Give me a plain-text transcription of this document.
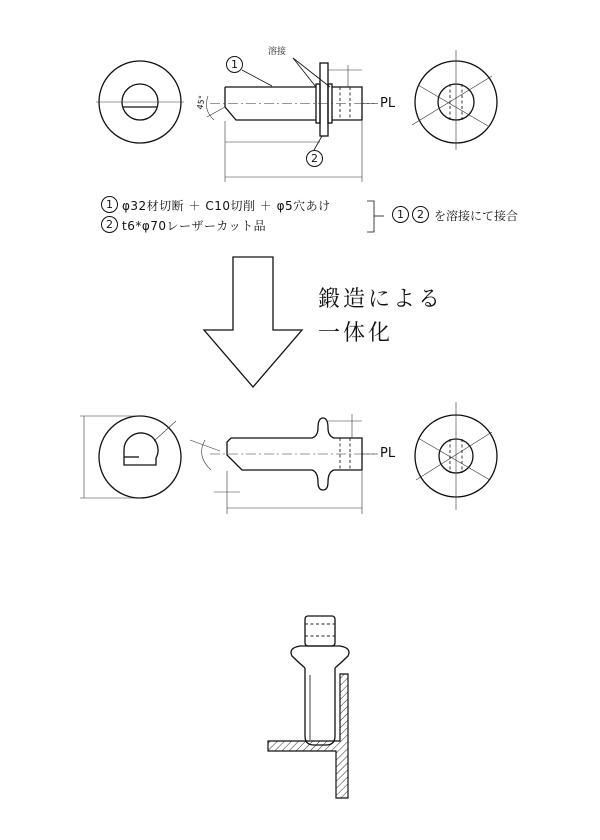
1
溶接
45°	PL
2
1 φ32材切断 ＋ C10切削 ＋ φ5穴あけ
2 t6*φ70レーザーカット品
1	2 を溶接にて接合
鍛造による
一体化
PL
